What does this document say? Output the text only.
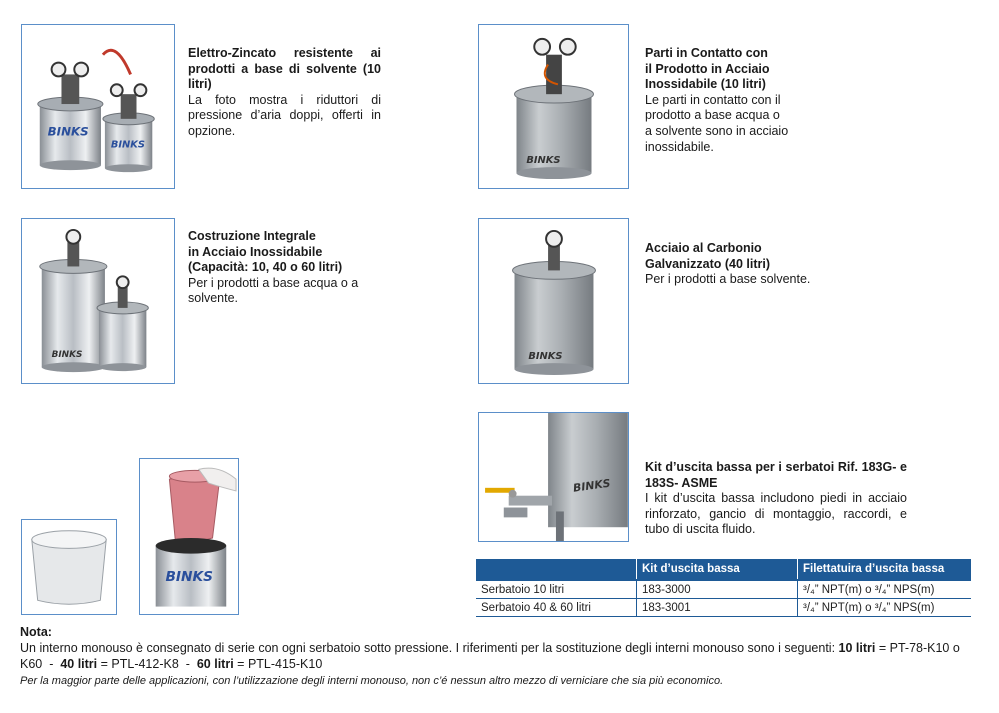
BINKS
BINKS
Elettro-Zincato resistente ai prodotti a base di solvente (10 litri)
La foto mostra i riduttori di pressione d’aria doppi, offerti in opzione.
BINKS
Parti in Contatto con
il Prodotto in Acciaio
Inossidabile (10 litri)
Le parti in contatto con il
prodotto a base acqua o
a solvente sono in acciaio
inossidabile.
BINKS
Costruzione Integrale
in Acciaio Inossidabile
(Capacità: 10, 40 o 60 litri)
Per i prodotti a base acqua o a
solvente.
BINKS
Acciaio al Carbonio
Galvanizzato (40 litri)
Per i prodotti a base solvente.
BINKS
Kit d’uscita bassa per i serbatoi Rif. 183G- e 183S- ASME
I kit d’uscita bassa includono piedi in acciaio rinforzato, gancio di montaggio, raccordi, e tubo di uscita fluido.
BINKS
	Kit d’uscita bassa	Filettatuira d’uscita bassa
Serbatoio 10 litri	183-3000	³/₄” NPT(m) o ³/₄” NPS(m)
Serbatoio 40 & 60 litri	183-3001	³/₄” NPT(m) o ³/₄” NPS(m)
Nota:
Un interno monouso è consegnato di serie con ogni serbatoio sotto pressione. I riferimenti per la sostituzione degli interni monouso sono i seguenti: 10 litri = PT-78-K10 o K60  -  40 litri = PTL-412-K8  -  60 litri = PTL-415-K10
Per la maggior parte delle applicazioni, con l’utilizzazione degli interni monouso, non c’é nessun altro mezzo di verniciare che sia più economico.
